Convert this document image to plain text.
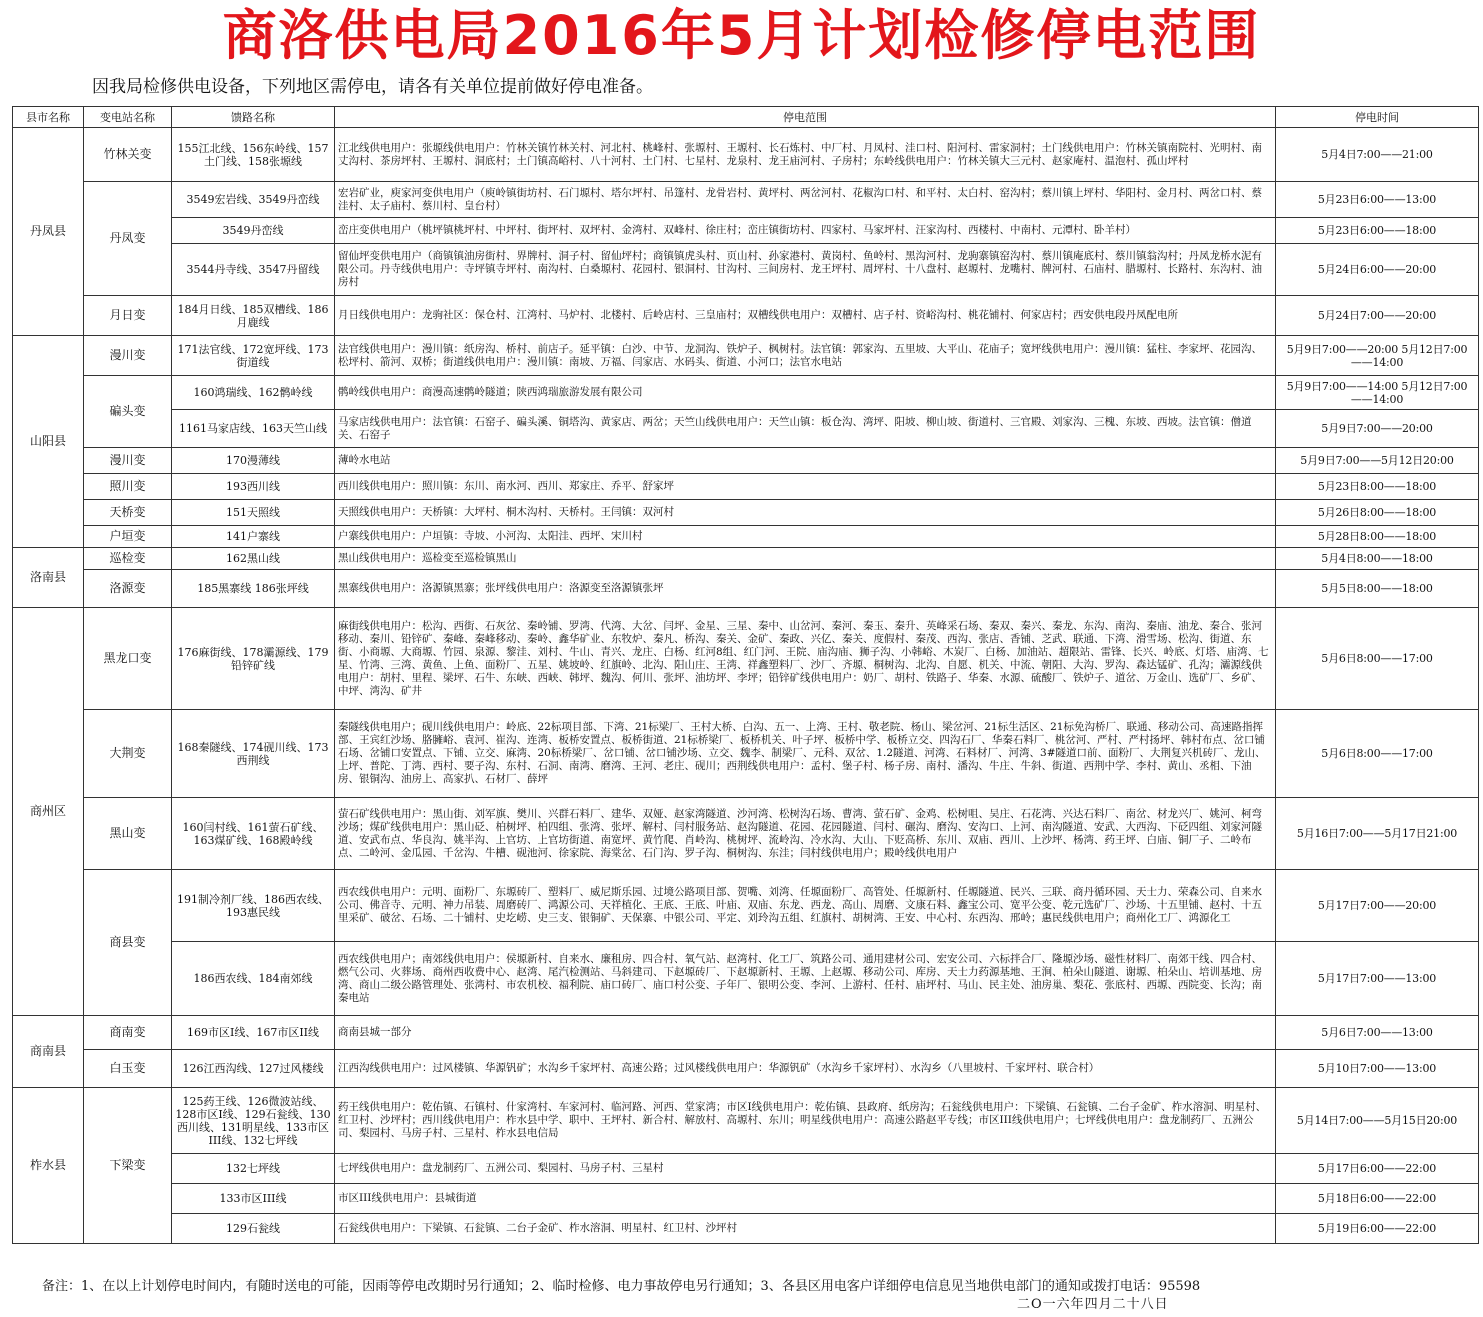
商洛供电局2016年5月计划检修停电范围
因我局检修供电设备，下列地区需停电，请各有关单位提前做好停电准备。
县市名称	变电站名称	馈路名称	停电范围	停电时间
丹凤县	竹林关变	155江北线、156东岭线、157土门线、158张塬线	江北线供电用户：张塬线供电用户：竹林关镇竹林关村、河北村、桃峰村、张塬村、王塬村、长石炼村、中厂村、月凤村、洼口村、阳河村、雷家洞村；土门线供电用户：竹林关镇南院村、光明村、南丈沟村、茶房坪村、王塬村、洞底村；土门镇高峪村、八十河村、土门村、七星村、龙泉村、龙王庙河村、子房村；东岭线供电用户：竹林关镇大三元村、赵家庵村、温泡村、孤山坪村	5月4日7:00——21:00
	丹凤变	3549宏岩线、3549丹峦线	宏岩矿业，庾家河变供电用户（庾岭镇街坊村、石门塬村、塔尔坪村、吊篷村、龙骨岩村、黄坪村、两岔河村、花椒沟口村、和平村、太白村、窑沟村；蔡川镇上坪村、华阳村、金月村、两岔口村、蔡洼村、太子庙村、蔡川村、皇台村）	5月23日6:00——13:00
		3549丹峦线	峦庄变供电用户（桃坪镇桃坪村、中坪村、街坪村、双坪村、金湾村、双峰村、徐庄村；峦庄镇街坊村、四家村、马家坪村、汪家沟村、西楼村、中南村、元潭村、卧羊村）	5月23日6:00——18:00
		3544丹寺线、3547丹留线	留仙坪变供电用户（商镇镇油房街村、界牌村、洞子村、留仙坪村；商镇镇虎头村、页山村、孙家港村、黄岗村、鱼岭村、黑沟河村、龙驹寨镇窑沟村、蔡川镇庵底村、蔡川镇翁沟村；丹凤龙桥水泥有限公司。丹寺线供电用户：寺坪镇寺坪村、南沟村、白桑塬村、花园村、银洞村、甘沟村、三间房村、龙王坪村、周坪村、十八盘村、赵塬村、龙嘴村、牌河村、石庙村、腊塬村、长路村、东沟村、油房村	5月24日6:00——20:00
	月日变	184月日线、185双槽线、186月鹿线	月日线供电用户：龙驹社区：保仓村、江湾村、马炉村、北楼村、后岭店村、三皇庙村；双槽线供电用户：双槽村、店子村、资峪沟村、桃花铺村、何家店村；西安供电段丹凤配电所	5月24日7:00——20:00
山阳县	漫川变	171法官线、172宽坪线、173街道线	法官线供电用户：漫川镇：纸房沟、桥村、前店子。延平镇：白沙、中节、龙洞沟、铁炉子、枫树村。法官镇：郭家沟、五里坡、大平山、花庙子；宽坪线供电用户：漫川镇：猛柱、李家坪、花园沟、松坪村、箭河、双桥；街道线供电用户：漫川镇：南坡、万福、闫家店、水码头、街道、小河口；法官水电站	5月9日7:00——20:00 5月12日7:00——14:00
	碥头变	160鸿瑞线、162鹘岭线	鹘岭线供电用户：商漫高速鹘岭隧道；陕西鸿瑞旅游发展有限公司	5月9日7:00——14:00 5月12日7:00——14:00
		1161马家店线、163天竺山线	马家店线供电用户：法官镇：石窑子、碥头溪、铜塔沟、黄家店、两岔；天竺山线供电用户：天竺山镇：板仓沟、湾坪、阳坡、柳山坡、街道村、三官殿、刘家沟、三槐、东坡、西坡。法官镇：僧道关、石窑子	5月9日7:00——20:00
	漫川变	170漫薄线	薄岭水电站	5月9日7:00——5月12日20:00
	照川变	193西川线	西川线供电用户：照川镇：东川、南水河、西川、郑家庄、乔平、舒家坪	5月23日8:00——18:00
	天桥变	151天照线	天照线供电用户：天桥镇：大坪村、桐木沟村、天桥村。王闫镇：双河村	5月26日8:00——18:00
	户垣变	141户寨线	户寨线供电用户：户垣镇：寺坡、小河沟、太阳洼、西坪、宋川村	5月28日8:00——18:00
洛南县	巡检变	162黑山线	黑山线供电用户：巡检变至巡检镇黑山	5月4日8:00——18:00
	洛源变	185黑寨线 186张坪线	黑寨线供电用户：洛源镇黑寨；张坪线供电用户：洛源变至洛源镇张坪	5月5日8:00——18:00
商州区	黑龙口变	176麻街线、178灞源线、179铅锌矿线	麻街线供电用户：松沟、西街、石灰岔、秦岭铺、罗湾、代湾、大岔、闫坪、金星、三星、秦中、山岔河、秦河、秦玉、秦升、英峰采石场、秦双、秦兴、秦龙、东沟、南沟、秦庙、油龙、秦合、张河移动、秦川、铅锌矿、秦峰、秦峰移动、秦岭、鑫华矿业、东牧炉、秦凡、桥沟、秦关、金矿、秦政、兴亿、秦关、度假村、秦茂、西沟、张店、香铺、芝武、联通、下湾、滑雪场、松沟、街道、东街、小商塬、大商塬、竹园、泉源、黎洼、刘村、牛山、青兴、龙庄、白杨、红河8组、红门河、王院、庙沟庙、狮子沟、小韩峪、木炭厂、白杨、加油站、超限站、雷锋、长兴、岭底、灯塔、庙湾、七星、竹湾、三湾、黄鱼、上鱼、面粉厂、五星、姚坡岭、红旗岭、北沟、阳山庄、王湾、祥鑫塑料厂、沙厂、齐塬、桐树沟、北沟、自愿、机关、中流、朝阳、大沟、罗沟、森达锰矿、孔沟；灞源线供电用户：胡村、里程、梁坪、石牛、东峡、西峡、韩坪、魏沟、何川、张坪、油坊坪、李坪；铅锌矿线供电用户：奶厂、胡村、铁路子、华秦、水源、硫酸厂、铁炉子、道岔、万金山、选矿厂、乡矿、中坪、湾沟、矿井	5月6日8:00——17:00
	大荆变	168秦隧线、174砚川线、173西荆线	秦隧线供电用户；砚川线供电用户：岭底、22标项目部、下湾、21标梁厂、王村大桥、白沟、五一、上湾、王村、敬老院、杨山、梁岔河、21标生活区、21标免沟桥厂、联通、移动公司、高速路指挥部、王宾红沙场、胳臃峪、袁河、崔沟、连湾、板桥安置点、板桥街道、21标桥梁厂、板桥机关、叶子坪、板桥中学、板桥立交、四沟石厂、华秦石料厂、桃岔河、严村、严村扬坪、韩村布点、岔口铺石场、岔铺口安置点、下铺、立交、麻湾、20标桥梁厂、岔口铺、岔口铺沙场、立交、魏李、制梁厂、元科、双岔、1.2隧道、河湾、石料材厂、河湾、3#隧道口前、面粉厂、大荆复兴机砖厂、龙山、上坪、普陀、丁湾、西村、要子沟、东村、石洞、南湾、磨湾、王河、老庄、砚川；西荆线供电用户：孟村、堡子村、杨子房、南村、潘沟、牛庄、牛斜、街道、西荆中学、李村、黄山、丞相、下油房、银铜沟、油房上、高家扒、石材厂、薛坪	5月6日8:00——17:00
	黑山变	160闫村线、161萤石矿线、163煤矿线、168殿岭线	萤石矿线供电用户：黑山街、刘军旗、樊川、兴群石料厂、建华、双娅、赵家湾隧道、沙河湾、松树沟石场、曹湾、萤石矿、金鸡、松树咀、吴庄、石花湾、兴达石料厂、南岔、材龙兴厂、姚河、柯弯沙场；煤矿线供电用户：黑山砭、柏树坪、柏四组、张湾、张坪、解村、闫村服务站、赵沟隧道、花园、花园隧道、闫村、碾沟、磨沟、安沟口、上河、南沟隧道、安武、大西沟、下砭四组、刘家河隧道、安武布点、华良沟、姚半沟、上官坊、上官坊街道、南宽坪、黄竹爬、肖岭沟、桃树坪、流岭沟、冷水沟、大山、下贬高桥、东川、双庙、西川、上沙坪、杨湾、药王坪、白庙、铜厂子、二岭布点、二岭河、金瓜园、千岔沟、牛槽、砚池河、徐家院、海棠岔、石门沟、罗子沟、桐树沟、东洼；闫村线供电用户；殿岭线供电用户	5月16日7:00——5月17日21:00
	商县变	191制冷剂厂线、186西农线、193惠民线	西农线供电用户：元明、面粉厂、东塬砖厂、塑料厂、威尼斯乐园、过境公路项目部、贺嘴、刘湾、任塬面粉厂、高管处、任塬新村、任塬隧道、民兴、三联、商丹循环园、天士力、荣森公司、自来水公司、佛音寺、元明、神力吊装、周磨砖厂、鸿源公司、天祥植化、王底、王底、叶庙、双庙、东龙、西龙、高山、周磨、文康石料、鑫宝公司、宽平公变、乾元选矿厂、沙场、十五里铺、赵村、十五里采矿、破岔、石场、二十铺村、史圪崂、史三支、银铜矿、天保寨、中银公司、平定、刘玲沟五组、红旗村、胡树湾、王安、中心村、东西沟、邢岭；惠民线供电用户；商州化工厂、鸿源化工	5月17日7:00——20:00
		186西农线、184南郊线	西农线供电用户；南郊线供电用户：侯塬新村、自来水、廉租房、四合村、氧气站、赵湾村、化工厂、筑路公司、通用建材公司、宏安公司、六标拌合厂、隆塬沙场、磁性材料厂、南郊干线、四合村、燃气公司、火葬场、商州西收费中心、赵湾、尾汽检测站、马斜建司、下赵塬砖厂、下赵塬新村、王塬、上赵塬、移动公司、库房、天士力药源基地、王涧、柏朵山隧道、谢塬、柏朵山、培训基地、房湾、商山二级公路管理处、张湾村、市农机校、福利院、庙口砖厂、庙口村公变、子年厂、银明公变、李河、上游村、任村、庙坪村、马山、民主处、油房巢、梨花、张底村、西塬、西院变、长沟；南秦电站	5月17日7:00——13:00
商南县	商南变	169市区I线、167市区II线	商南县城一部分	5月6日7:00——13:00
	白玉变	126江西沟线、127过风楼线	江西沟线供电用户：过风楼镇、华源钒矿；水沟乡千家坪村、高速公路；过风楼线供电用户：华源钒矿（水沟乡千家坪村）、水沟乡（八里坡村、千家坪村、联合村）	5月10日7:00——13:00
柞水县	下梁变	125药王线、126微波站线、128市区I线、129石瓮线、130西川线、131明星线、133市区III线、132七坪线	药王线供电用户：乾佑镇、石镇村、什家湾村、车家河村、临河路、河西、堂家湾；市区I线供电用户：乾佑镇、县政府、纸房沟；石瓮线供电用户：下梁镇、石瓮镇、二台子金矿、柞水溶洞、明星村、红卫村、沙坪村；西川线供电用户：柞水县中学、职中、王坪村、新合村、解放村、高塬村、东川；明星线供电用户：高速公路赵平专线；市区III线供电用户；七坪线供电用户：盘龙制药厂、五洲公司、梨园村、马房子村、三星村、柞水县电信局	5月14日7:00——5月15日20:00
		132七坪线	七坪线供电用户：盘龙制药厂、五洲公司、梨园村、马房子村、三星村	5月17日6:00——22:00
		133市区III线	市区III线供电用户：县城街道	5月18日6:00——22:00
		129石瓮线	石瓮线供电用户：下梁镇、石瓮镇、二台子金矿、柞水溶洞、明星村、红卫村、沙坪村	5月19日6:00——22:00
备注：1、在以上计划停电时间内，有随时送电的可能，因雨等停电改期时另行通知；2、临时检修、电力事故停电另行通知；3、各县区用电客户详细停电信息见当地供电部门的通知或拨打电话：95598
二O一六年四月二十八日
